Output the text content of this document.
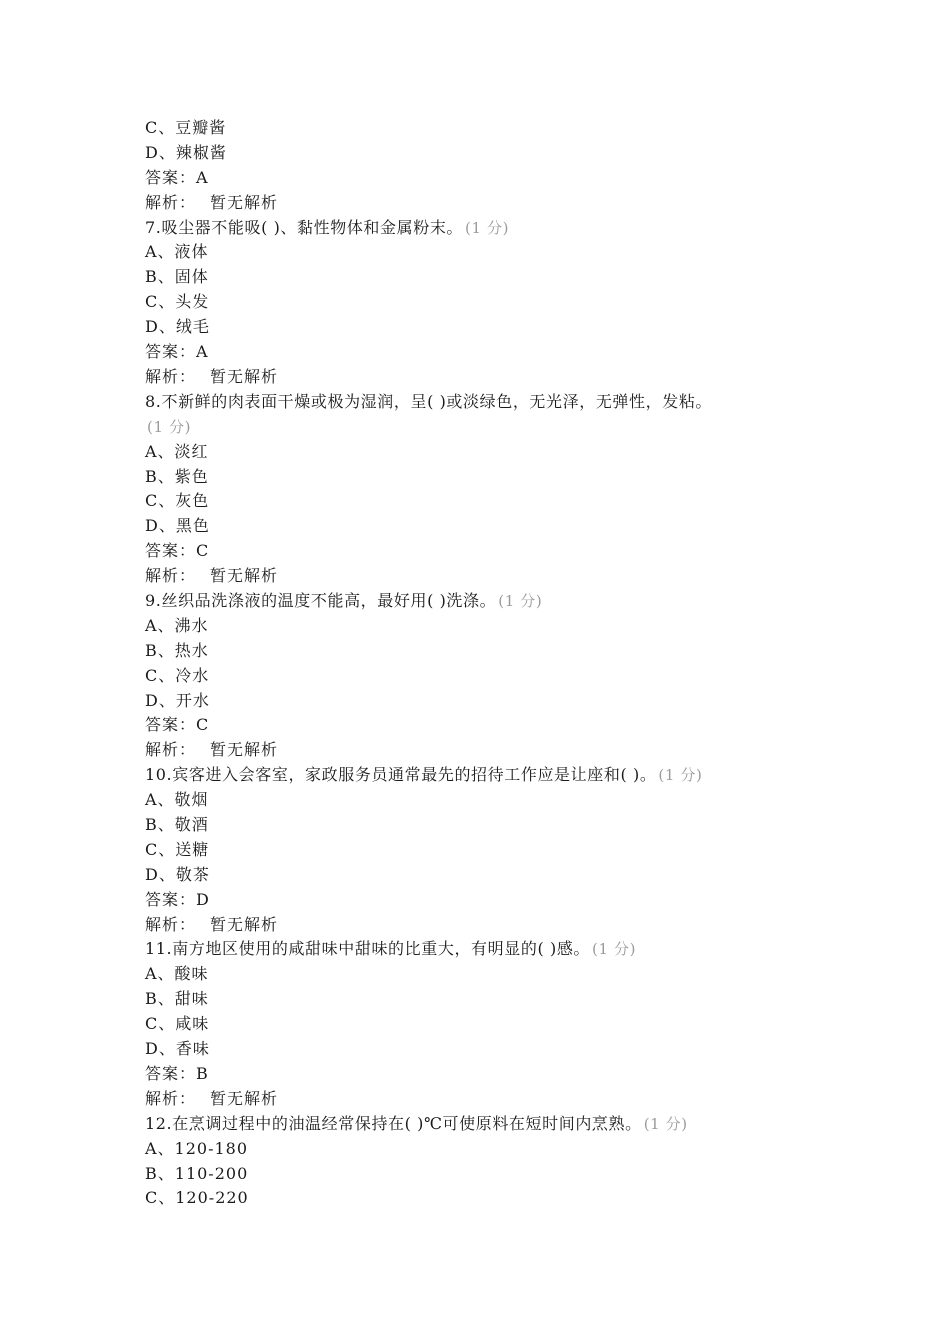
C、豆瓣酱
D、辣椒酱
答案：A
解析： 暂无解析
7.吸尘器不能吸( )、黏性物体和金属粉末。 (1 分)
A、液体
B、固体
C、头发
D、绒毛
答案：A
解析： 暂无解析
8.不新鲜的肉表面干燥或极为湿润，呈( )或淡绿色，无光泽，无弹性，发粘。
(1 分)
A、淡红
B、紫色
C、灰色
D、黑色
答案：C
解析： 暂无解析
9.丝织品洗涤液的温度不能高，最好用( )洗涤。 (1 分)
A、沸水
B、热水
C、冷水
D、开水
答案：C
解析： 暂无解析
10.宾客进入会客室，家政服务员通常最先的招待工作应是让座和( )。 (1 分)
A、敬烟
B、敬酒
C、送糖
D、敬茶
答案：D
解析： 暂无解析
11.南方地区使用的咸甜味中甜味的比重大，有明显的( )感。 (1 分)
A、酸味
B、甜味
C、咸味
D、香味
答案：B
解析： 暂无解析
12.在烹调过程中的油温经常保持在( )℃可使原料在短时间内烹熟。 (1 分)
A、120-180
B、110-200
C、120-220
